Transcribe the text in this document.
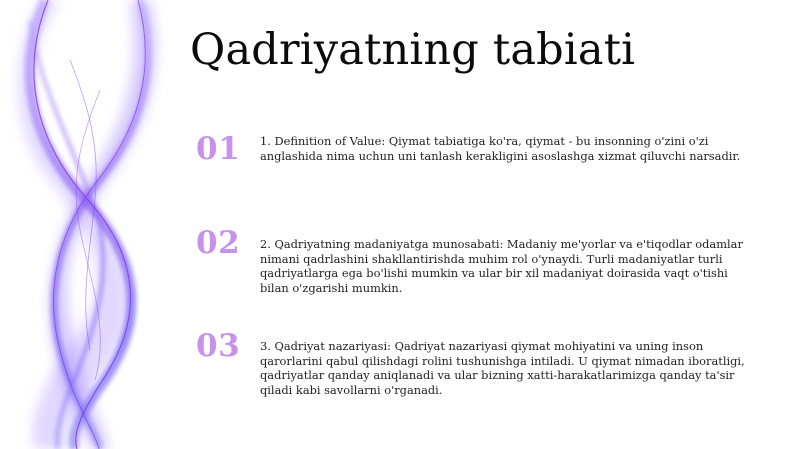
Qadriyatning tabiati
01	1. Definition of Value: Qiymat tabiatiga ko'ra, qiymat - bu insonning o'zini o'zi anglashida nima uchun uni tanlash kerakligini asoslashga xizmat qiluvchi narsadir.
02	2. Qadriyatning madaniyatga munosabati: Madaniy me'yorlar va e'tiqodlar odamlar nimani qadrlashini shakllantirishda muhim rol o'ynaydi. Turli madaniyatlar turli qadriyatlarga ega bo'lishi mumkin va ular bir xil madaniyat doirasida vaqt o'tishi bilan o'zgarishi mumkin.
03	3. Qadriyat nazariyasi: Qadriyat nazariyasi qiymat mohiyatini va uning inson qarorlarini qabul qilishdagi rolini tushunishga intiladi. U qiymat nimadan iboratligi, qadriyatlar qanday aniqlanadi va ular bizning xatti-harakatlarimizga qanday ta'sir qiladi kabi savollarni o'rganadi.
